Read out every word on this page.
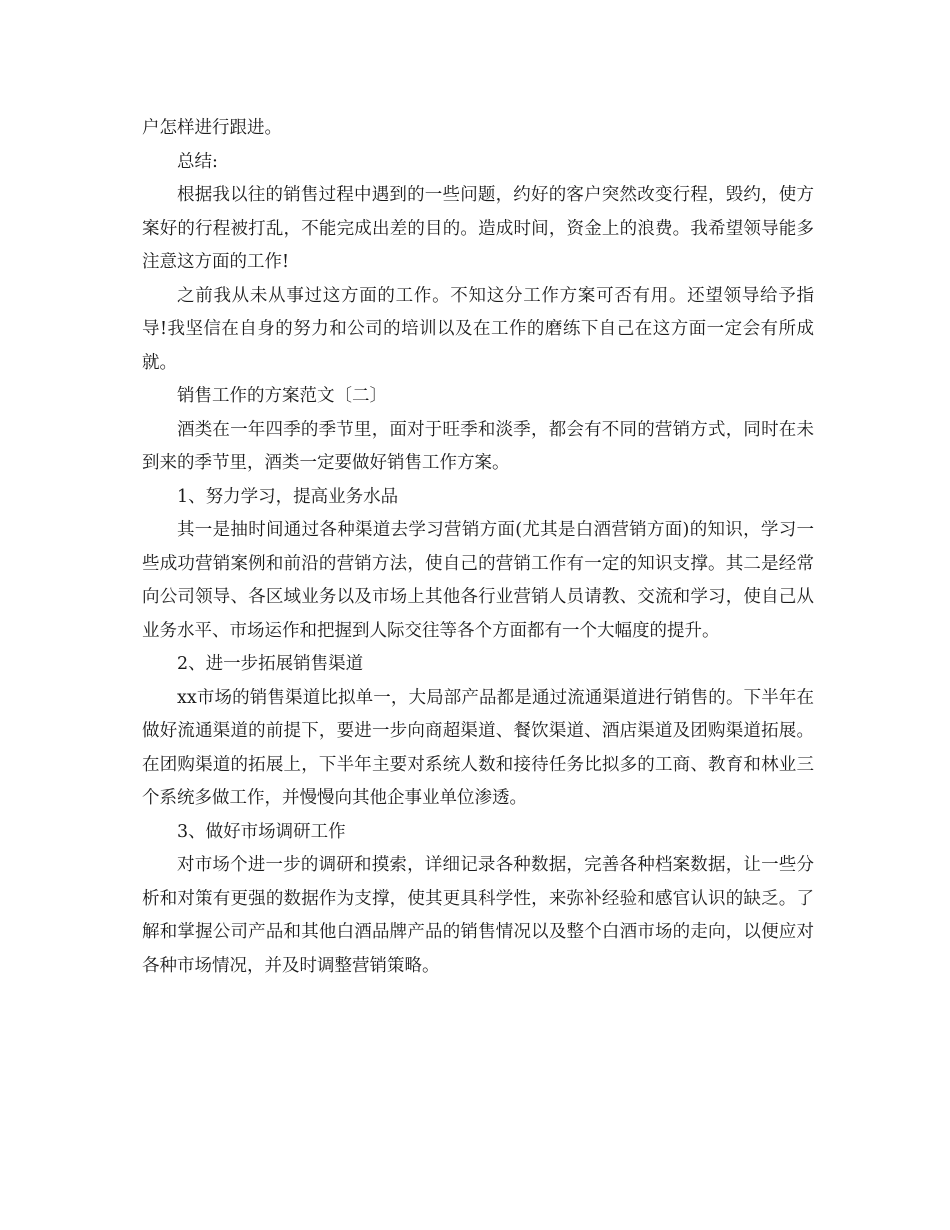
户怎样进行跟进。

总结:

根据我以往的销售过程中遇到的一些问题，约好的客户突然改变行程，毁约，使方案好的行程被打乱，不能完成出差的目的。造成时间，资金上的浪费。我希望领导能多注意这方面的工作!

之前我从未从事过这方面的工作。不知这分工作方案可否有用。还望领导给予指导!我坚信在自身的努力和公司的培训以及在工作的磨练下自己在这方面一定会有所成就。

销售工作的方案范文〔二〕

酒类在一年四季的季节里，面对于旺季和淡季，都会有不同的营销方式，同时在未到来的季节里，酒类一定要做好销售工作方案。

1、努力学习，提高业务水品

其一是抽时间通过各种渠道去学习营销方面(尤其是白酒营销方面)的知识，学习一些成功营销案例和前沿的营销方法，使自己的营销工作有一定的知识支撑。其二是经常向公司领导、各区域业务以及市场上其他各行业营销人员请教、交流和学习，使自己从业务水平、市场运作和把握到人际交往等各个方面都有一个大幅度的提升。

2、进一步拓展销售渠道

xx市场的销售渠道比拟单一，大局部产品都是通过流通渠道进行销售的。下半年在做好流通渠道的前提下，要进一步向商超渠道、餐饮渠道、酒店渠道及团购渠道拓展。在团购渠道的拓展上，下半年主要对系统人数和接待任务比拟多的工商、教育和林业三个系统多做工作，并慢慢向其他企事业单位渗透。

3、做好市场调研工作

对市场个进一步的调研和摸索，详细记录各种数据，完善各种档案数据，让一些分析和对策有更强的数据作为支撑，使其更具科学性，来弥补经验和感官认识的缺乏。了解和掌握公司产品和其他白酒品牌产品的销售情况以及整个白酒市场的走向，以便应对各种市场情况，并及时调整营销策略。
